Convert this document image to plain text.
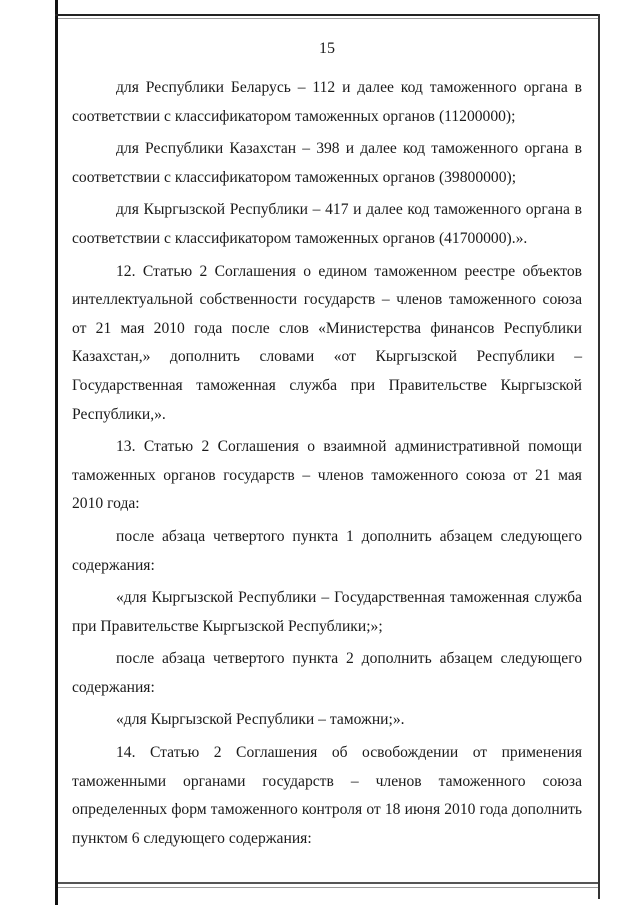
15

для Республики Беларусь – 112 и далее код таможенного органа в соответствии с классификатором таможенных органов (11200000);

для Республики Казахстан – 398 и далее код таможенного органа в соответствии с классификатором таможенных органов (39800000);

для Кыргызской Республики – 417 и далее код таможенного органа в соответствии с классификатором таможенных органов (41700000).».

12. Статью 2 Соглашения о едином таможенном реестре объектов интеллектуальной собственности государств – членов таможенного союза от 21 мая 2010 года после слов «Министерства финансов Республики Казахстан,» дополнить словами «от Кыргызской Республики – Государственная таможенная служба при Правительстве Кыргызской Республики,».

13. Статью 2 Соглашения о взаимной административной помощи таможенных органов государств – членов таможенного союза от 21 мая 2010 года:

после абзаца четвертого пункта 1 дополнить абзацем следующего содержания:

«для Кыргызской Республики – Государственная таможенная служба при Правительстве Кыргызской Республики;»;

после абзаца четвертого пункта 2 дополнить абзацем следующего содержания:

«для Кыргызской Республики – таможни;».

14. Статью 2 Соглашения об освобождении от применения таможенными органами государств – членов таможенного союза определенных форм таможенного контроля от 18 июня 2010 года дополнить пунктом 6 следующего содержания:
